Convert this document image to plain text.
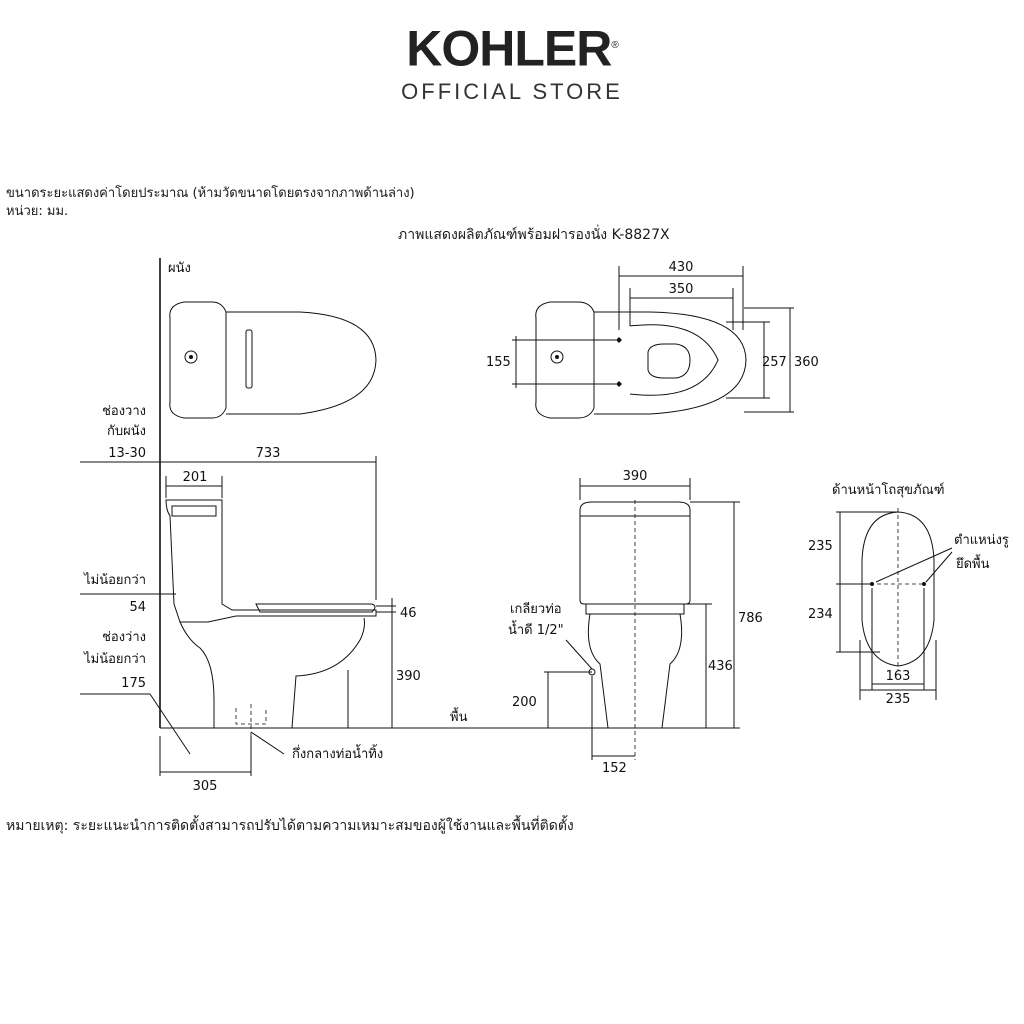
KOHLER®
OFFICIAL STORE
ขนาดระยะแสดงค่าโดยประมาณ (ห้ามวัดขนาดโดยตรงจากภาพด้านล่าง)
หน่วย: มม.
ภาพแสดงผลิตภัณฑ์พร้อมฝารองนั่ง K-8827X
หมายเหตุ: ระยะแนะนำการติดตั้งสามารถปรับได้ตามความเหมาะสมของผู้ใช้งานและพื้นที่ติดตั้ง
430
350
155	257 360
ผนัง
ช่องวาง
กับผนัง
13-30	733
201
ไม่น้อยกว่า
54
ช่องว่าง
ไม่น้อยกว่า
175
46
390
พื้น
305
กึ่งกลางท่อน้ำทิ้ง
390
786
436
เกลียวท่อ
น้ำดี 1/2"
200
152
ด้านหน้าโถสุขภัณฑ์
235
234
163
235
ตำแหน่งรู
ยึดพื้น
